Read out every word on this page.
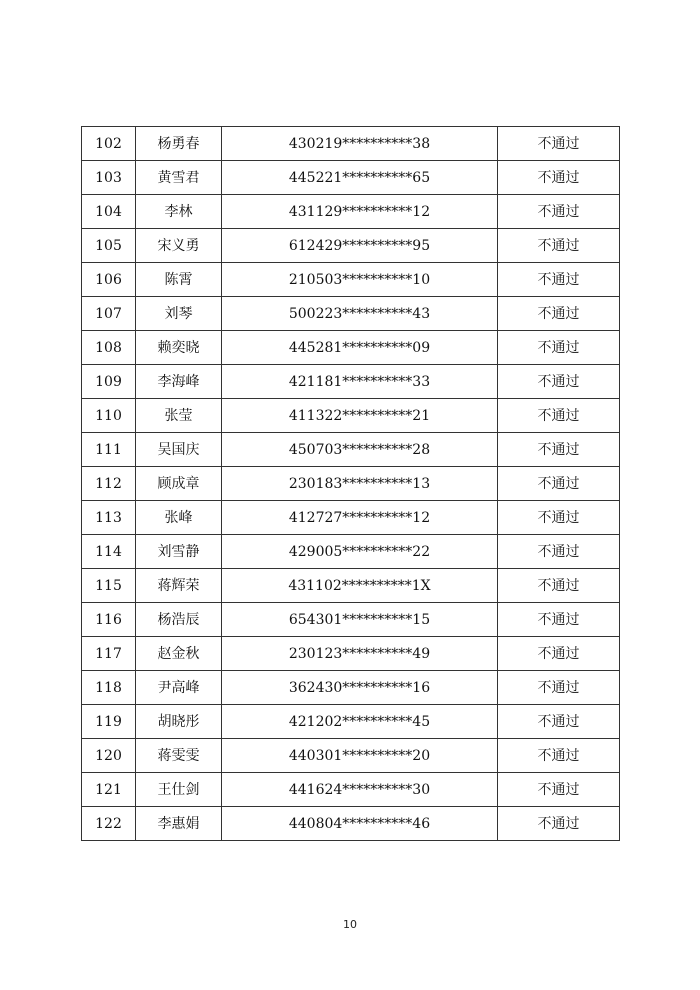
102	杨勇春	430219**********38	不通过
103	黄雪君	445221**********65	不通过
104	李林	431129**********12	不通过
105	宋义勇	612429**********95	不通过
106	陈霄	210503**********10	不通过
107	刘琴	500223**********43	不通过
108	赖奕晓	445281**********09	不通过
109	李海峰	421181**********33	不通过
110	张莹	411322**********21	不通过
111	吴国庆	450703**********28	不通过
112	顾成章	230183**********13	不通过
113	张峰	412727**********12	不通过
114	刘雪静	429005**********22	不通过
115	蒋辉荣	431102**********1X	不通过
116	杨浩辰	654301**********15	不通过
117	赵金秋	230123**********49	不通过
118	尹高峰	362430**********16	不通过
119	胡晓彤	421202**********45	不通过
120	蒋雯雯	440301**********20	不通过
121	王仕剑	441624**********30	不通过
122	李惠娟	440804**********46	不通过
10
